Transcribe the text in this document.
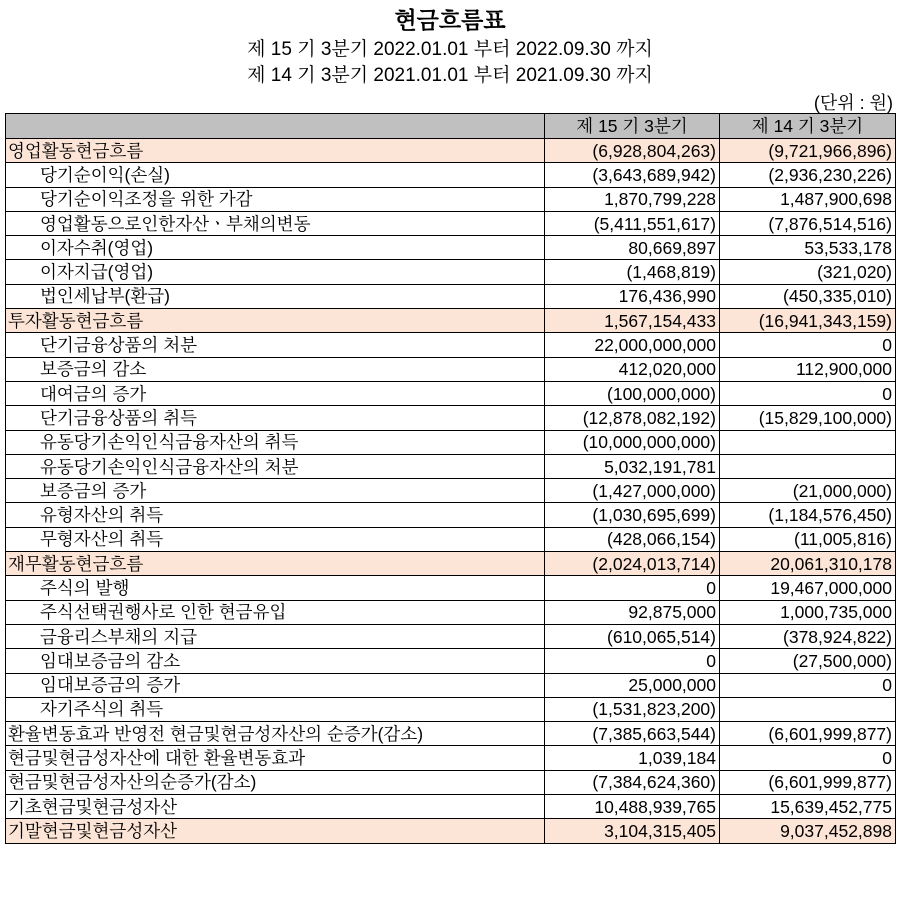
현금흐름표
제 15 기 3분기 2022.01.01 부터 2022.09.30 까지
제 14 기 3분기 2021.01.01 부터 2021.09.30 까지
(단위 : 원)
	제 15 기 3분기	제 14 기 3분기
영업활동현금흐름	(6,928,804,263)	(9,721,966,896)
당기순이익(손실)	(3,643,689,942)	(2,936,230,226)
당기순이익조정을 위한 가감	1,870,799,228	1,487,900,698
영업활동으로인한자산ㆍ부채의변동	(5,411,551,617)	(7,876,514,516)
이자수취(영업)	80,669,897	53,533,178
이자지급(영업)	(1,468,819)	(321,020)
법인세납부(환급)	176,436,990	(450,335,010)
투자활동현금흐름	1,567,154,433	(16,941,343,159)
단기금융상품의 처분	22,000,000,000	0
보증금의 감소	412,020,000	112,900,000
대여금의 증가	(100,000,000)	0
단기금융상품의 취득	(12,878,082,192)	(15,829,100,000)
유동당기손익인식금융자산의 취득	(10,000,000,000)	
유동당기손익인식금융자산의 처분	5,032,191,781	
보증금의 증가	(1,427,000,000)	(21,000,000)
유형자산의 취득	(1,030,695,699)	(1,184,576,450)
무형자산의 취득	(428,066,154)	(11,005,816)
재무활동현금흐름	(2,024,013,714)	20,061,310,178
주식의 발행	0	19,467,000,000
주식선택권행사로 인한 현금유입	92,875,000	1,000,735,000
금융리스부채의 지급	(610,065,514)	(378,924,822)
임대보증금의 감소	0	(27,500,000)
임대보증금의 증가	25,000,000	0
자기주식의 취득	(1,531,823,200)	
환율변동효과 반영전 현금및현금성자산의 순증가(감소)	(7,385,663,544)	(6,601,999,877)
현금및현금성자산에 대한 환율변동효과	1,039,184	0
현금및현금성자산의순증가(감소)	(7,384,624,360)	(6,601,999,877)
기초현금및현금성자산	10,488,939,765	15,639,452,775
기말현금및현금성자산	3,104,315,405	9,037,452,898
